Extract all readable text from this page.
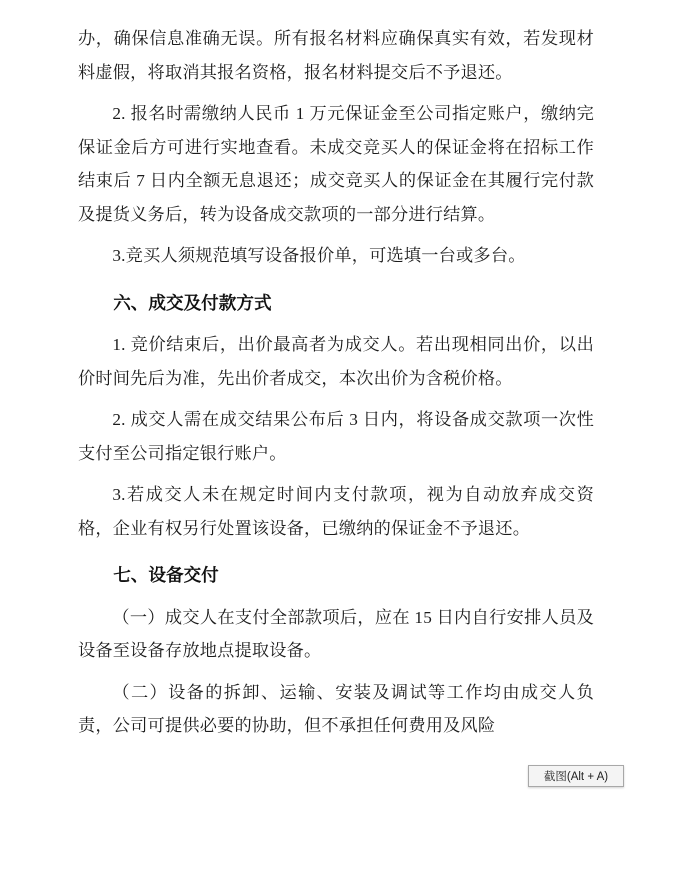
办，确保信息准确无误。所有报名材料应确保真实有效，若发现材料虚假，将取消其报名资格，报名材料提交后不予退还。

2. 报名时需缴纳人民币 1 万元保证金至公司指定账户，缴纳完保证金后方可进行实地查看。未成交竞买人的保证金将在招标工作结束后 7 日内全额无息退还；成交竞买人的保证金在其履行完付款及提货义务后，转为设备成交款项的一部分进行结算。

3.竞买人须规范填写设备报价单，可选填一台或多台。

六、成交及付款方式

1. 竞价结束后，出价最高者为成交人。若出现相同出价，以出价时间先后为准，先出价者成交，本次出价为含税价格。

2. 成交人需在成交结果公布后 3 日内，将设备成交款项一次性支付至公司指定银行账户。

3.若成交人未在规定时间内支付款项，视为自动放弃成交资格，企业有权另行处置该设备，已缴纳的保证金不予退还。

七、设备交付

（一）成交人在支付全部款项后，应在 15 日内自行安排人员及设备至设备存放地点提取设备。

（二）设备的拆卸、运输、安装及调试等工作均由成交人负责，公司可提供必要的协助，但不承担任何费用及风险

截图(Alt + A)
